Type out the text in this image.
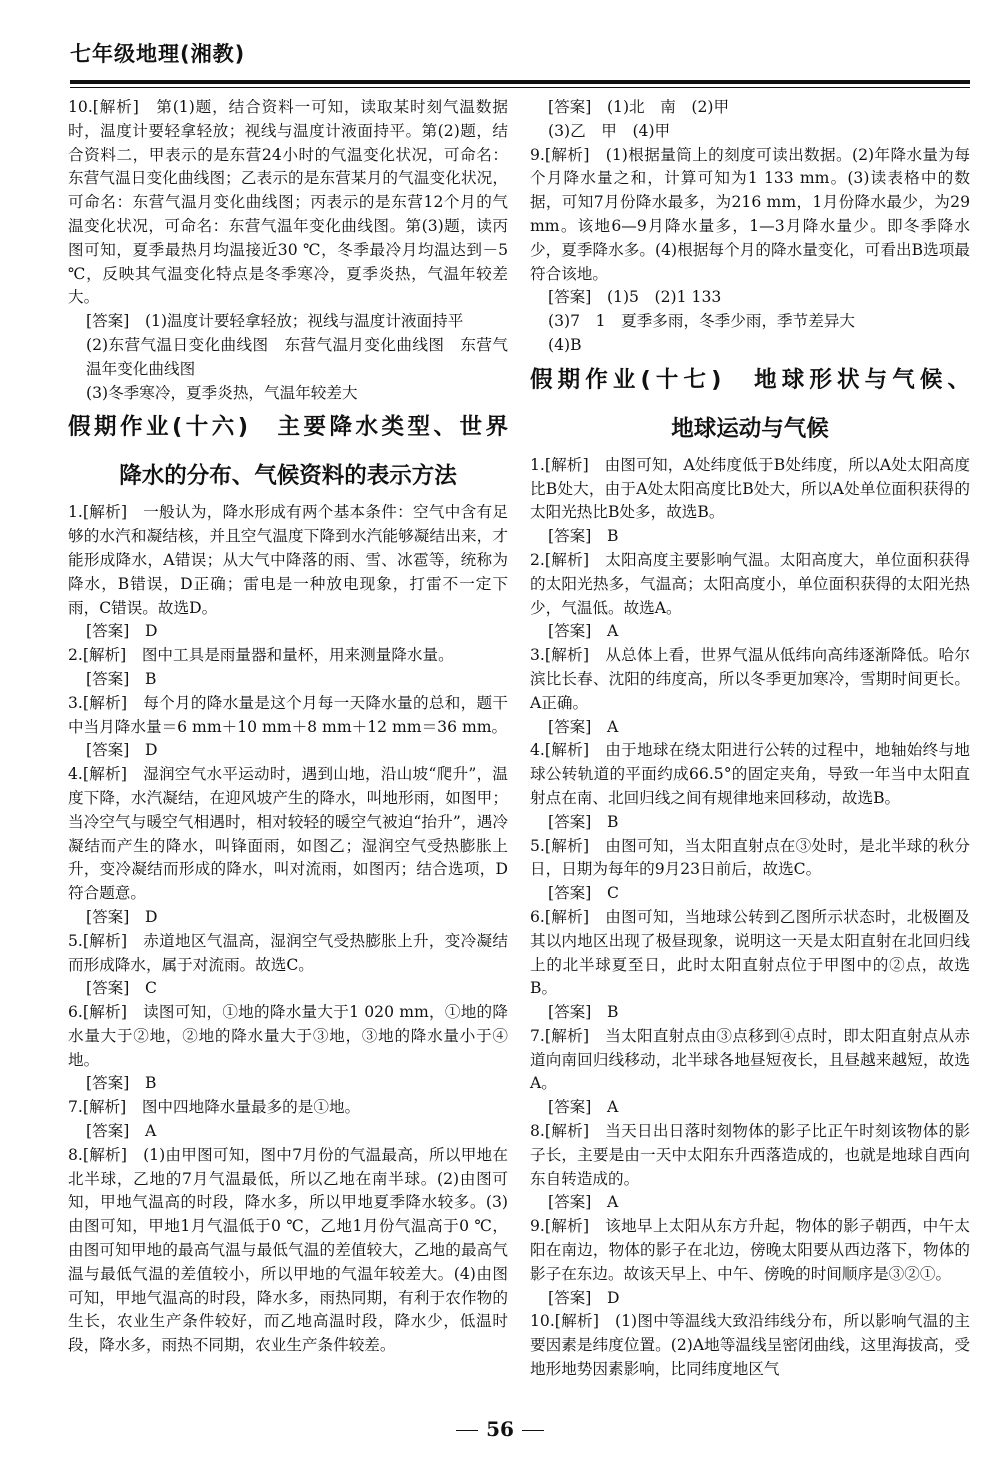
七年级地理(湘教)

10.[解析]　第(1)题，结合资料一可知，读取某时刻气温数据时，温度计要轻拿轻放；视线与温度计液面持平。第(2)题，结合资料二，甲表示的是东营24小时的气温变化状况，可命名：东营气温日变化曲线图；乙表示的是东营某月的气温变化状况，可命名：东营气温月变化曲线图；丙表示的是东营12个月的气温变化状况，可命名：东营气温年变化曲线图。第(3)题，读丙图可知，夏季最热月均温接近30 ℃，冬季最冷月均温达到－5 ℃，反映其气温变化特点是冬季寒冷，夏季炎热，气温年较差大。

[答案]　(1)温度计要轻拿轻放；视线与温度计液面持平

(2)东营气温日变化曲线图　东营气温月变化曲线图　东营气温年变化曲线图

(3)冬季寒冷，夏季炎热，气温年较差大

假期作业(十六)　主要降水类型、世界
降水的分布、气候资料的表示方法

1.[解析]　一般认为，降水形成有两个基本条件：空气中含有足够的水汽和凝结核，并且空气温度下降到水汽能够凝结出来，才能形成降水，A错误；从大气中降落的雨、雪、冰雹等，统称为降水，B错误，D正确；雷电是一种放电现象，打雷不一定下雨，C错误。故选D。

[答案]　D

2.[解析]　图中工具是雨量器和量杯，用来测量降水量。

[答案]　B

3.[解析]　每个月的降水量是这个月每一天降水量的总和，题干中当月降水量＝6 mm＋10 mm＋8 mm＋12 mm＝36 mm。

[答案]　D

4.[解析]　湿润空气水平运动时，遇到山地，沿山坡“爬升”，温度下降，水汽凝结，在迎风坡产生的降水，叫地形雨，如图甲；当冷空气与暖空气相遇时，相对较轻的暖空气被迫“抬升”，遇冷凝结而产生的降水，叫锋面雨，如图乙；湿润空气受热膨胀上升，变冷凝结而形成的降水，叫对流雨，如图丙；结合选项，D符合题意。

[答案]　D

5.[解析]　赤道地区气温高，湿润空气受热膨胀上升，变冷凝结而形成降水，属于对流雨。故选C。

[答案]　C

6.[解析]　读图可知，①地的降水量大于1 020 mm，①地的降水量大于②地，②地的降水量大于③地，③地的降水量小于④地。

[答案]　B

7.[解析]　图中四地降水量最多的是①地。

[答案]　A

8.[解析]　(1)由甲图可知，图中7月份的气温最高，所以甲地在北半球，乙地的7月气温最低，所以乙地在南半球。(2)由图可知，甲地气温高的时段，降水多，所以甲地夏季降水较多。(3)由图可知，甲地1月气温低于0 ℃，乙地1月份气温高于0 ℃，由图可知甲地的最高气温与最低气温的差值较大，乙地的最高气温与最低气温的差值较小，所以甲地的气温年较差大。(4)由图可知，甲地气温高的时段，降水多，雨热同期，有利于农作物的生长，农业生产条件较好，而乙地高温时段，降水少，低温时段，降水多，雨热不同期，农业生产条件较差。

[答案]　(1)北　南　(2)甲

(3)乙　甲　(4)甲

9.[解析]　(1)根据量筒上的刻度可读出数据。(2)年降水量为每个月降水量之和，计算可知为1 133 mm。(3)读表格中的数据，可知7月份降水最多，为216 mm，1月份降水最少，为29 mm。该地6—9月降水量多，1—3月降水量少。即冬季降水少，夏季降水多。(4)根据每个月的降水量变化，可看出B选项最符合该地。

[答案]　(1)5　(2)1 133

(3)7　1　夏季多雨，冬季少雨，季节差异大

(4)B

假期作业(十七)　地球形状与气候、
地球运动与气候

1.[解析]　由图可知，A处纬度低于B处纬度，所以A处太阳高度比B处大，由于A处太阳高度比B处大，所以A处单位面积获得的太阳光热比B处多，故选B。

[答案]　B

2.[解析]　太阳高度主要影响气温。太阳高度大，单位面积获得的太阳光热多，气温高；太阳高度小，单位面积获得的太阳光热少，气温低。故选A。

[答案]　A

3.[解析]　从总体上看，世界气温从低纬向高纬逐渐降低。哈尔滨比长春、沈阳的纬度高，所以冬季更加寒冷，雪期时间更长。A正确。

[答案]　A

4.[解析]　由于地球在绕太阳进行公转的过程中，地轴始终与地球公转轨道的平面约成66.5°的固定夹角，导致一年当中太阳直射点在南、北回归线之间有规律地来回移动，故选B。

[答案]　B

5.[解析]　由图可知，当太阳直射点在③处时，是北半球的秋分日，日期为每年的9月23日前后，故选C。

[答案]　C

6.[解析]　由图可知，当地球公转到乙图所示状态时，北极圈及其以内地区出现了极昼现象，说明这一天是太阳直射在北回归线上的北半球夏至日，此时太阳直射点位于甲图中的②点，故选B。

[答案]　B

7.[解析]　当太阳直射点由③点移到④点时，即太阳直射点从赤道向南回归线移动，北半球各地昼短夜长，且昼越来越短，故选A。

[答案]　A

8.[解析]　当天日出日落时刻物体的影子比正午时刻该物体的影子长，主要是由一天中太阳东升西落造成的，也就是地球自西向东自转造成的。

[答案]　A

9.[解析]　该地早上太阳从东方升起，物体的影子朝西，中午太阳在南边，物体的影子在北边，傍晚太阳要从西边落下，物体的影子在东边。故该天早上、中午、傍晚的时间顺序是③②①。

[答案]　D

10.[解析]　(1)图中等温线大致沿纬线分布，所以影响气温的主要因素是纬度位置。(2)A地等温线呈密闭曲线，这里海拔高，受地形地势因素影响，比同纬度地区气

56
